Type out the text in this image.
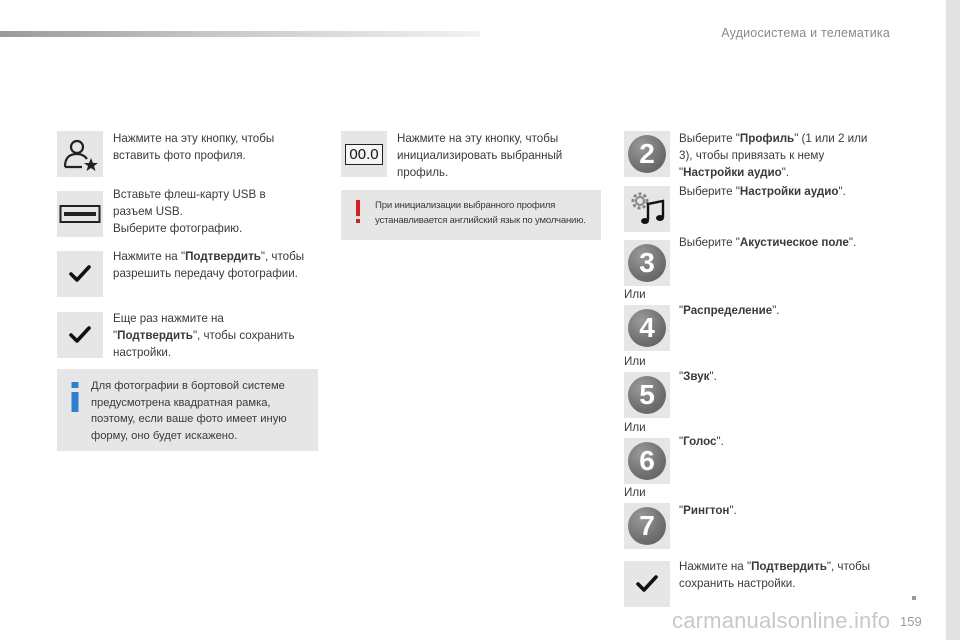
Аудиосистема и телематика
Нажмите на эту кнопку, чтобы вставить фото профиля.
Вставьте флеш-карту USB в
разъем USB.
Выберите фотографию.
Нажмите на "Подтвердить", чтобы разрешить передачу фотографии.
Еще раз нажмите на
"Подтвердить", чтобы сохранить настройки.
Для фотографии в бортовой системе предусмотрена квадратная рамка, поэтому, если ваше фото имеет иную форму, оно будет искажено.
00.0
Нажмите на эту кнопку, чтобы инициализировать выбранный профиль.
При инициализации выбранного профиля
устанавливается английский язык по умолчанию.
2	Выберите "Профиль" (1 или 2 или 3), чтобы привязать к нему "Настройки аудио".
Выберите "Настройки аудио".
3
Выберите "Акустическое поле".
Или
4
"Распределение".
Или
5
"Звук".
Или
6
"Голос".
Или
7	"Рингтон".
Нажмите на "Подтвердить", чтобы сохранить настройки.
159
carmanualsonline.info
